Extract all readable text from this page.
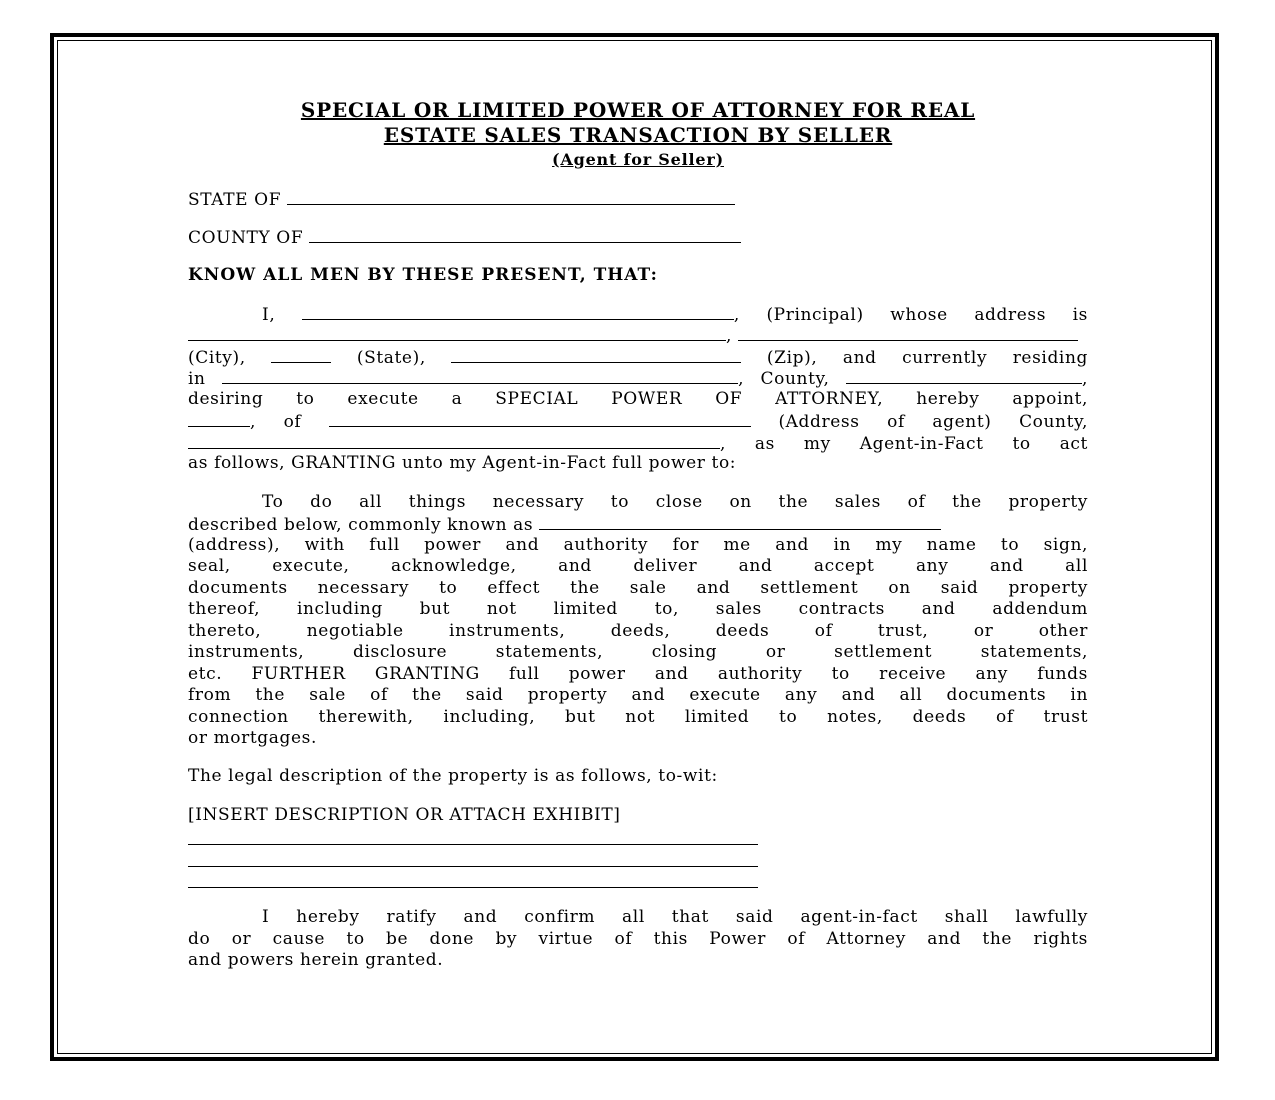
SPECIAL OR LIMITED POWER OF ATTORNEY FOR REAL
ESTATE SALES TRANSACTION BY SELLER
(Agent for Seller)
STATE OF
COUNTY OF
KNOW ALL MEN BY THESE PRESENT, THAT:
I,	, (Principal) whose address is
,
(City),	(State),	(Zip), and currently residing
in	, County,	,
desiring to execute a SPECIAL POWER OF ATTORNEY, hereby appoint,
, of	(Address of agent) County,
, as my Agent-in-Fact to act
as follows, GRANTING unto my Agent-in-Fact full power to:
To do all things necessary to close on the sales of the property
described below, commonly known as
(address), with full power and authority for me and in my name to sign,
seal, execute, acknowledge, and deliver and accept any and all
documents necessary to effect the sale and settlement on said property
thereof, including but not limited to, sales contracts and addendum
thereto, negotiable instruments, deeds, deeds of trust, or other
instruments, disclosure statements, closing or settlement statements,
etc. FURTHER GRANTING full power and authority to receive any funds
from the sale of the said property and execute any and all documents in
connection therewith, including, but not limited to notes, deeds of trust
or mortgages.
The legal description of the property is as follows, to-wit:
[INSERT DESCRIPTION OR ATTACH EXHIBIT]
I hereby ratify and confirm all that said agent-in-fact shall lawfully
do or cause to be done by virtue of this Power of Attorney and the rights
and powers herein granted.
